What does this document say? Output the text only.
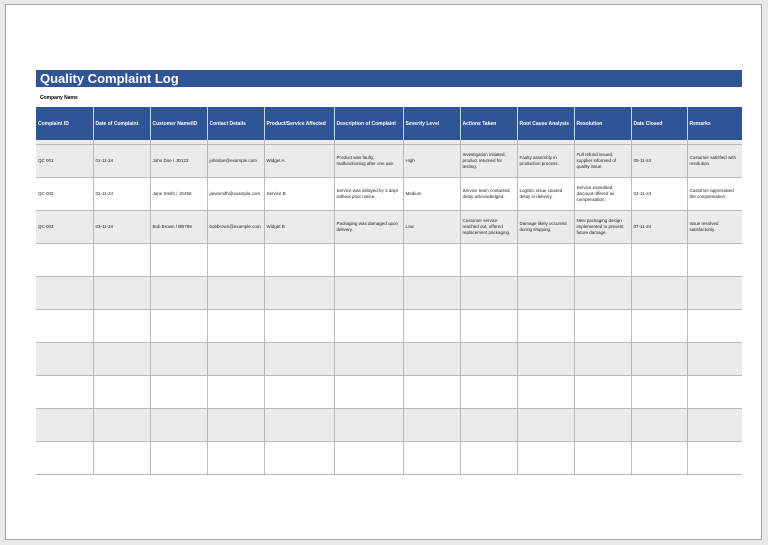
Quality Complaint Log
Company Name
Complaint ID	Date of Complaint	Customer Name/ID	Contact Details	Product/Service Affected	Description of Complaint	Severity Level	Actions Taken	Root Cause Analysis	Resolution	Date Closed	Remarks

QC 001	01-11-24	John Doe / JD123	johndoe@example.com	Widget A	Product was faulty, malfunctioning after one use.	High	Investigation initiated, product returned for testing.	Faulty assembly in production process.	Full refund issued, supplier informed of quality issue.	05-11-24	Customer satisfied with resolution.
QC 002	02-11-24	Jane Smith / JS456	janesmith@example.com	Service B	Service was delayed by 3 days without prior notice.	Medium	Service team contacted, delay acknowledged.	Logistic issue caused delay in delivery.	Service expedited, discount offered as compensation.	04-11-24	Customer appreciated the compensation.
QC 003	03-11-24	Bob Brown / BB789	bobbrown@example.com	Widget B	Packaging was damaged upon delivery.	Low	Customer service reached out, offered replacement packaging.	Damage likely occurred during shipping.	New packaging design implemented to prevent future damage.	07-11-24	Issue resolved satisfactorily.
